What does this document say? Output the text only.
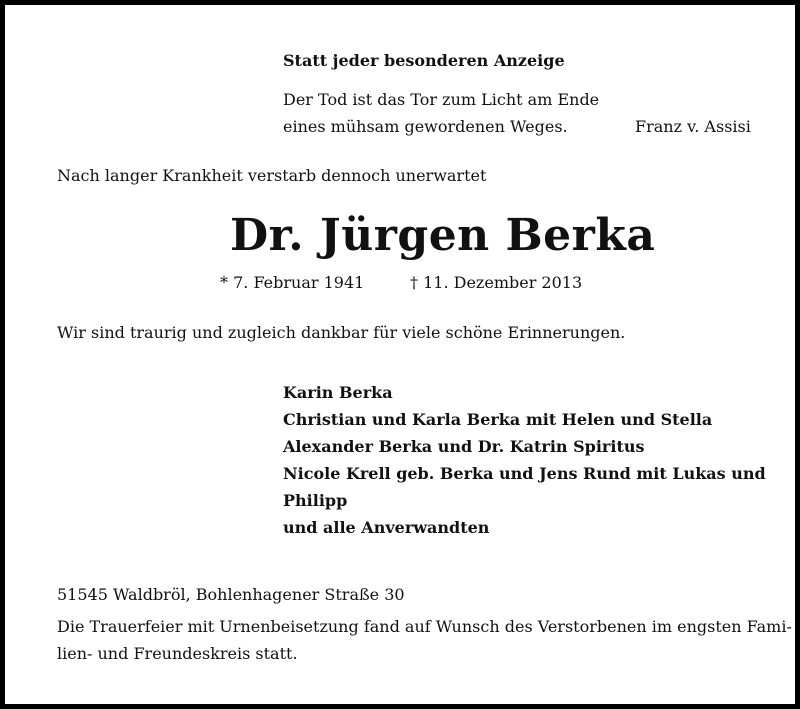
Statt jeder besonderen Anzeige
Der Tod ist das Tor zum Licht am Ende
eines mühsam gewordenen Weges.	Franz v. Assisi
Nach langer Krankheit verstarb dennoch unerwartet
Dr. Jürgen Berka
* 7. Februar 1941	† 11. Dezember 2013
Wir sind traurig und zugleich dankbar für viele schöne Erinnerungen.
Karin Berka
Christian und Karla Berka mit Helen und Stella
Alexander Berka und Dr. Katrin Spiritus
Nicole Krell geb. Berka und Jens Rund mit Lukas und
Philipp
und alle Anverwandten
51545 Waldbröl, Bohlenhagener Straße 30
Die Trauerfeier mit Urnenbeisetzung fand auf Wunsch des Verstorbenen im engsten Fami-
lien- und Freundeskreis statt.
